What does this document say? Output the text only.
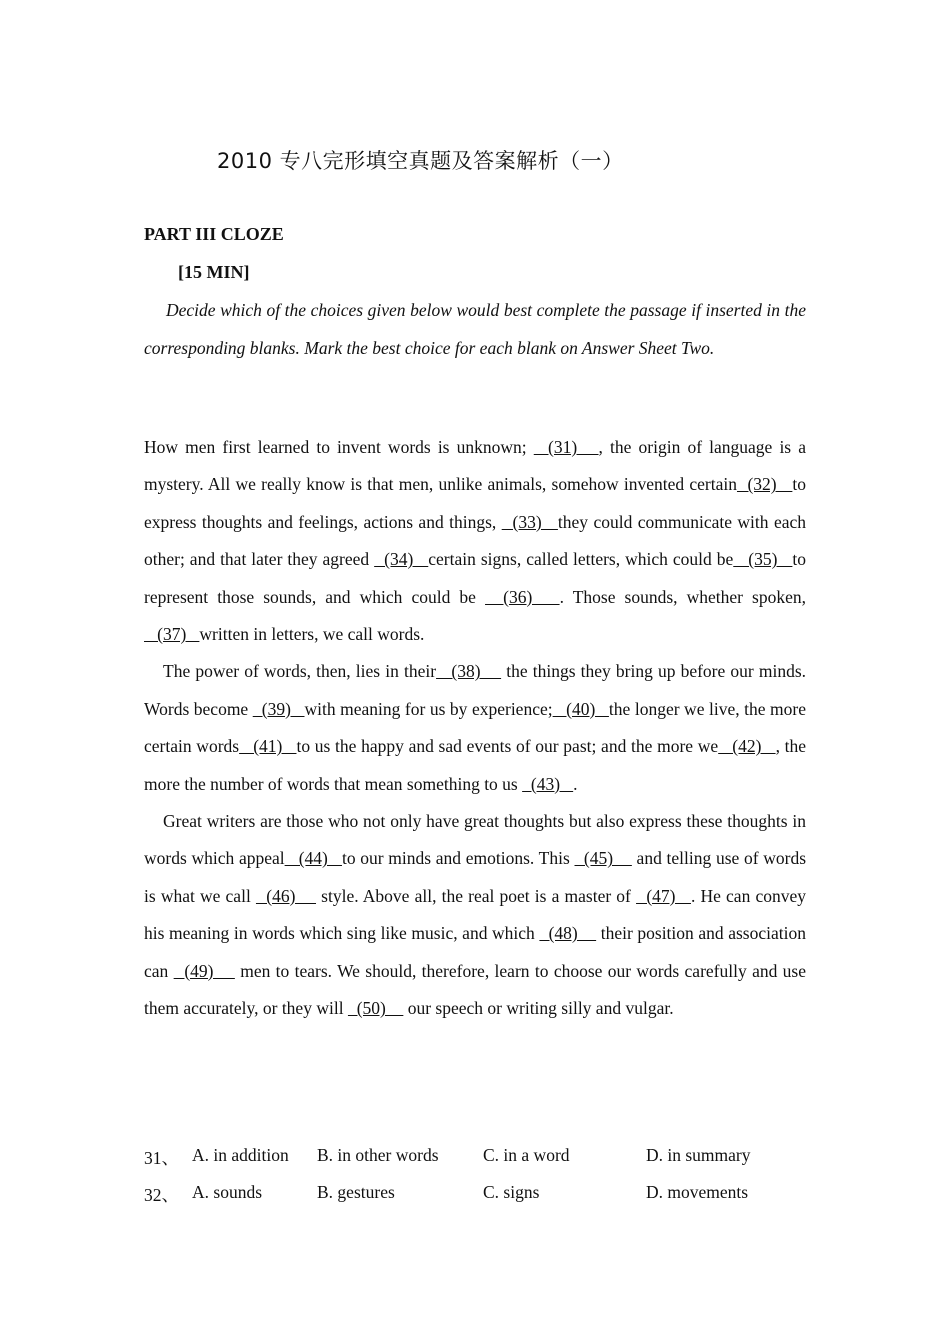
2010 专八完形填空真题及答案解析（一）
PART III CLOZE
[15 MIN]
Decide which of the choices given below would best complete the passage if inserted in the corresponding blanks. Mark the best choice for each blank on Answer Sheet Two.

How men first learned to invent words is unknown;   (31)   , the origin of language is a mystery. All we really know is that men, unlike animals, somehow invented certain  (32)   to express thoughts and feelings, actions and things,   (33)   they could communicate with each other; and that later they agreed   (34)   certain signs, called letters, which could be   (35)   to represent those sounds, and which could be   (36)   . Those sounds, whether spoken,   (37)   written in letters, we call words.

The power of words, then, lies in their   (38)     the things they bring up before our minds. Words become   (39)   with meaning for us by experience;   (40)   the longer we live, the more certain words   (41)   to us the happy and sad events of our past; and the more we   (42)   , the more the number of words that mean something to us   (43)   .

Great writers are those who not only have great thoughts but also express these thoughts in words which appeal   (44)   to our minds and emotions. This   (45)     and telling use of words is what we call   (46)     style. Above all, the real poet is a master of   (47)   . He can convey his meaning in words which sing like music, and which   (48)     their position and association can   (49)     men to tears. We should, therefore, learn to choose our words carefully and use them accurately, or they will   (50)     our speech or writing silly and vulgar.

31、 A. in addition B. in other words	C. in a word	D. in summary
32、 A. sounds	B. gestures	C. signs	D. movements
